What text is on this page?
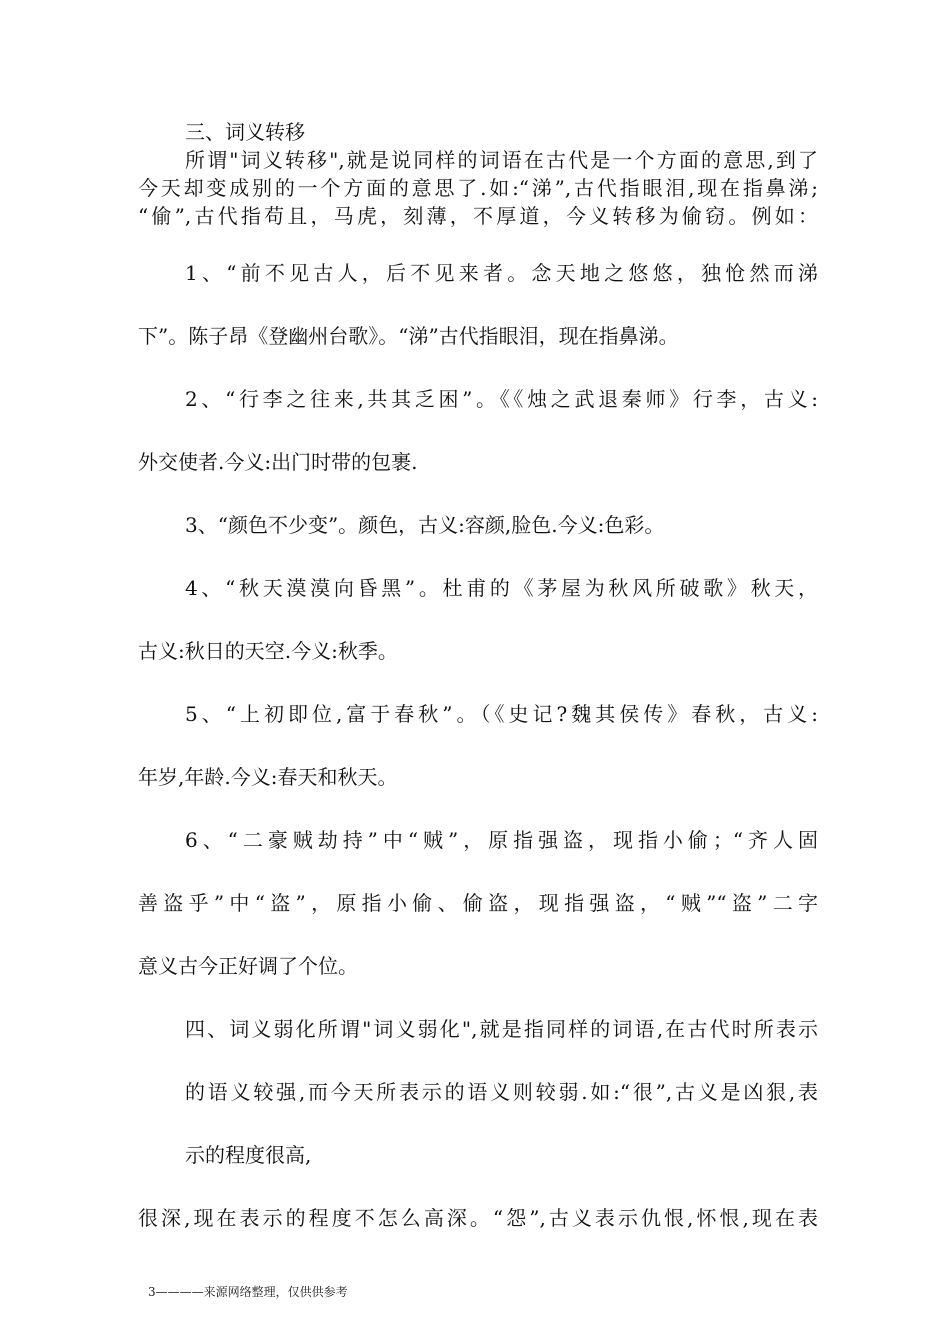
三、词义转移
所谓"词义转移",就是说同样的词语在古代是一个方面的意思,到了
今天却变成别的一个方面的意思了.如:“涕”,古代指眼泪,现在指鼻涕;
“偷”,古代指苟且，马虎，刻薄，不厚道，今义转移为偷窃。例如：
1、“前不见古人，后不见来者。念天地之悠悠，独怆然而涕
下”。陈子昂《登幽州台歌》。“涕”古代指眼泪，现在指鼻涕。
2、“行李之往来,共其乏困”。《《烛之武退秦师》行李，古义:
外交使者.今义:出门时带的包裹.
3、“颜色不少变”。颜色，古义:容颜,脸色.今义:色彩。
4、“秋天漠漠向昏黑”。杜甫的《茅屋为秋风所破歌》秋天，
古义:秋日的天空.今义:秋季。
5、“上初即位,富于春秋”。（《史记?魏其侯传》春秋，古义:
年岁,年龄.今义:春天和秋天。
6、“二豪贼劫持”中“贼”，原指强盗，现指小偷；“齐人固
善盗乎”中“盗”，原指小偷、偷盗，现指强盗，“贼”“盗”二字
意义古今正好调了个位。
四、词义弱化所谓"词义弱化",就是指同样的词语,在古代时所表示
的语义较强,而今天所表示的语义则较弱.如:“很”,古义是凶狠,表
示的程度很高,
很深,现在表示的程度不怎么高深。“怨”,古义表示仇恨,怀恨,现在表
3————来源网络整理，仅供供参考
